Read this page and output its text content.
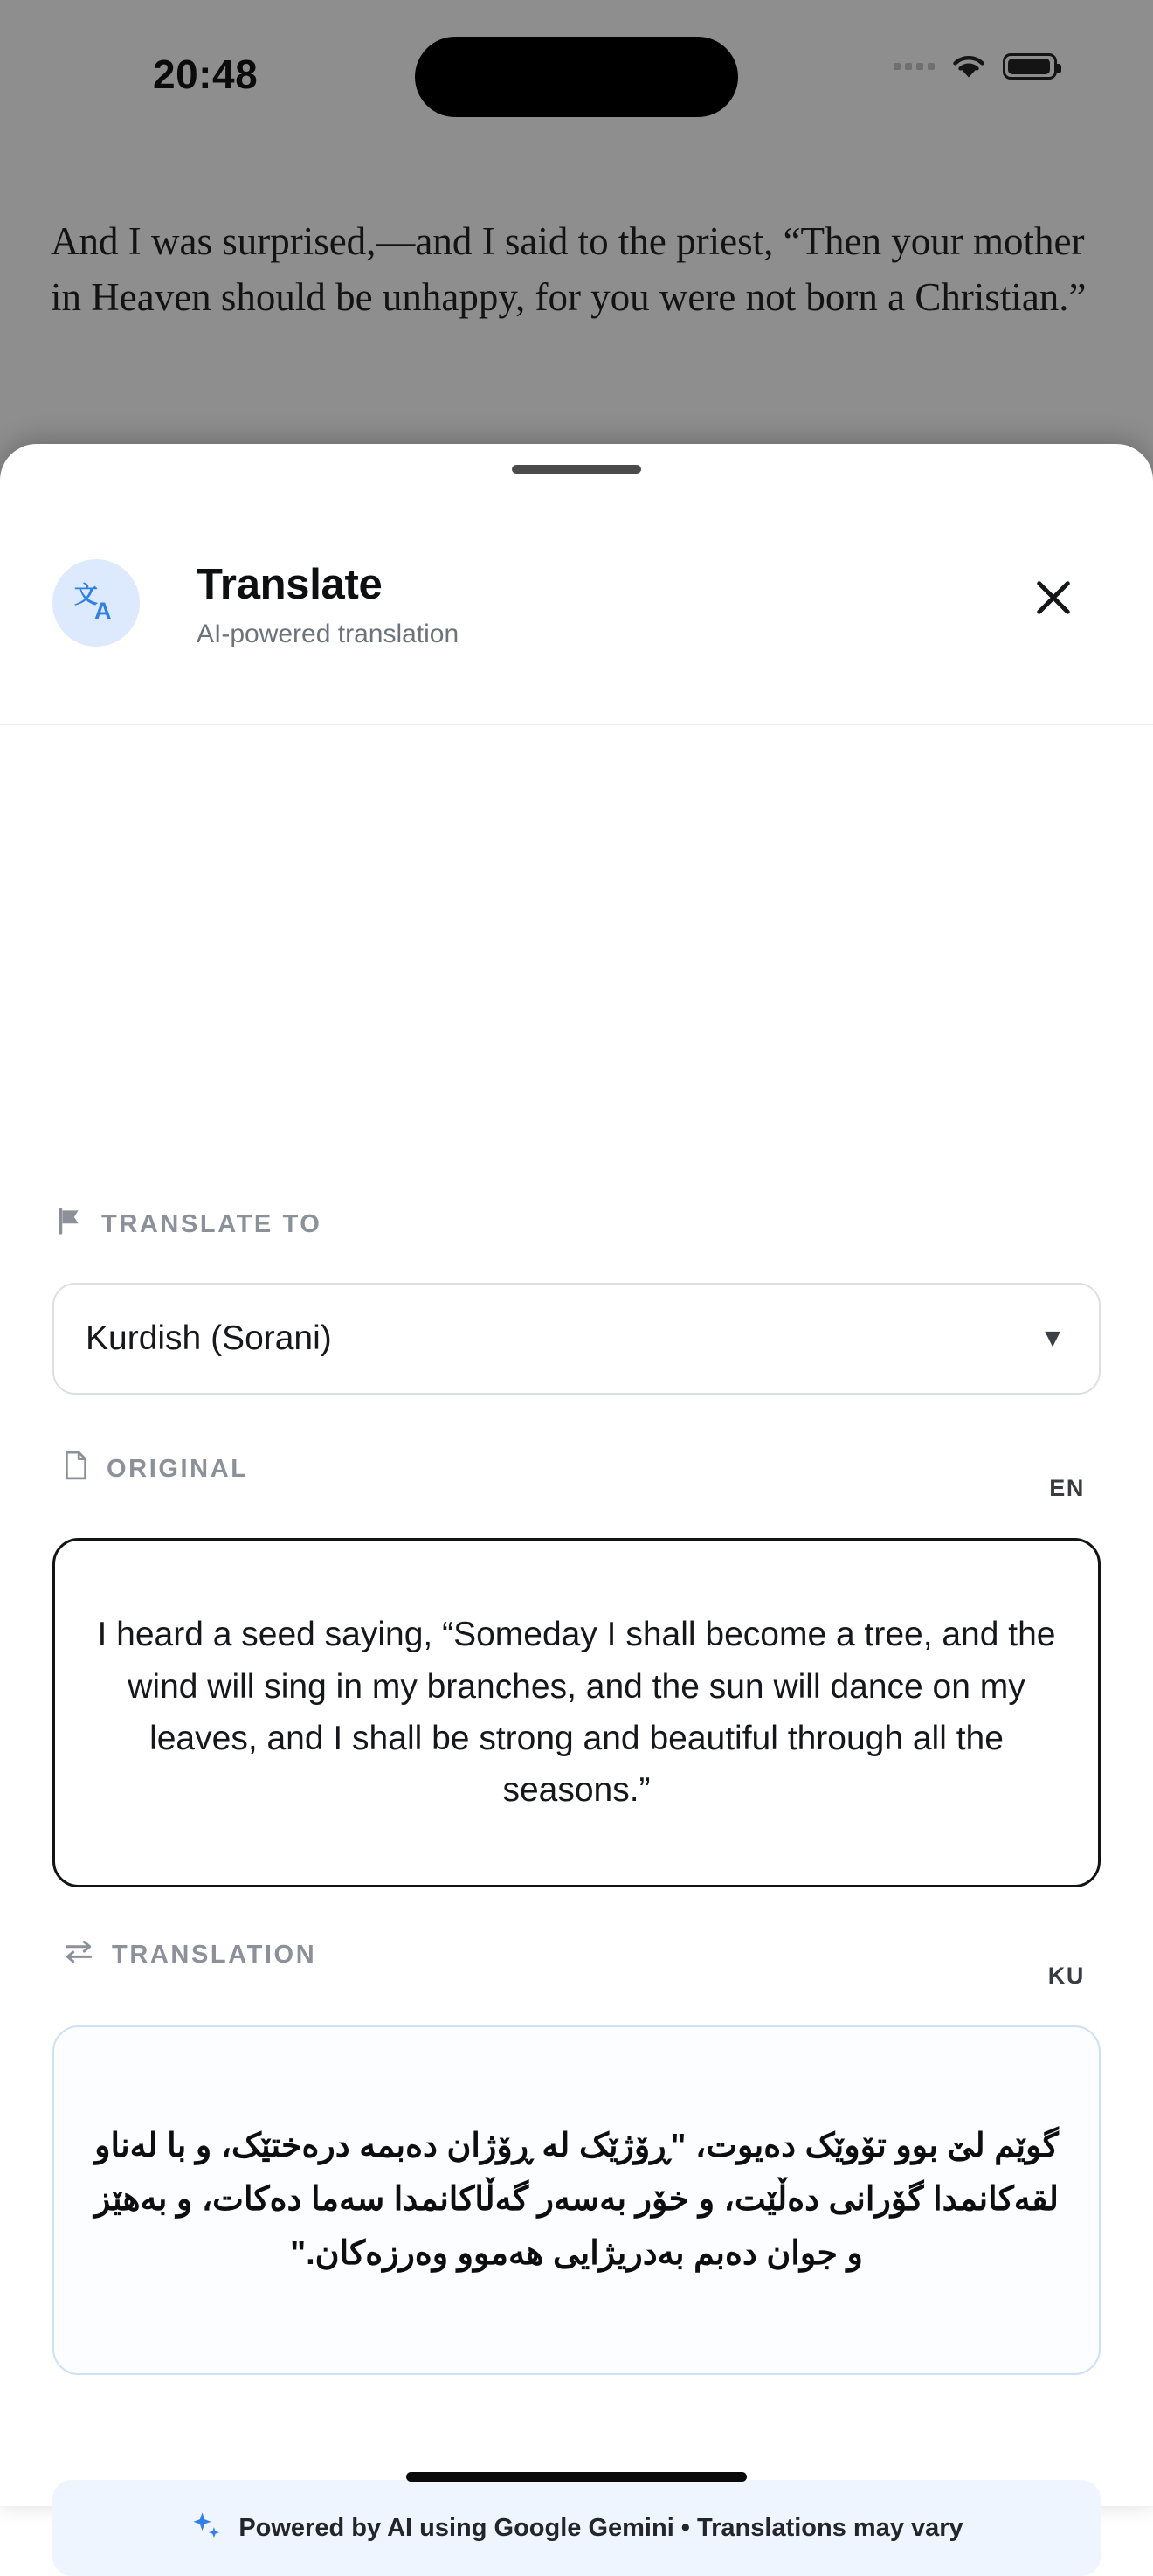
20:48
And I was surprised,—and I said to the priest, “Then your mother in Heaven should be unhappy, for you were not born a Christian.”
文
A
Translate
AI-powered translation
TRANSLATE TO
Kurdish (Sorani)	▼
ORIGINAL
EN
I heard a seed saying, “Someday I shall become a tree, and the wind will sing in my branches, and the sun will dance on my leaves, and I shall be strong and beautiful through all the seasons.”
TRANSLATION
KU
گوێم لێ بوو تۆوێک دەیوت، "ڕۆژێک لە ڕۆژان دەبمە درەختێک، و با لەناو لقەکانمدا گۆرانی دەڵێت، و خۆر بەسەر گەڵاکانمدا سەما دەکات، و بەهێز و جوان دەبم بەدریژایی هەموو وەرزەکان."
Powered by AI using Google Gemini • Translations may vary
